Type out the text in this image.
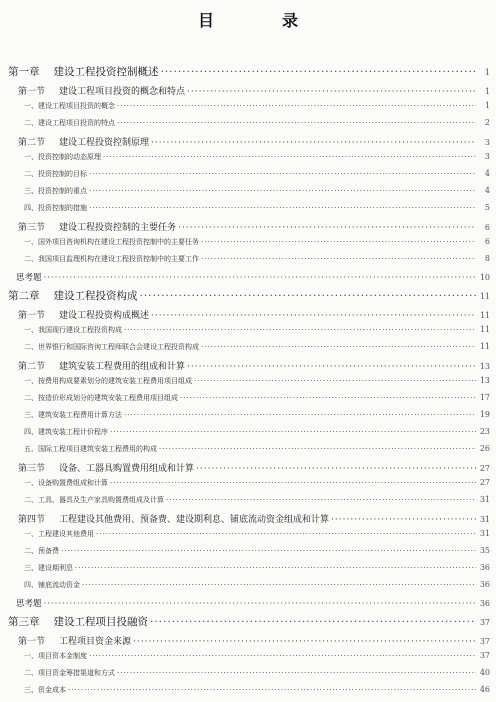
目　录
第一章 建设工程投资控制概述 ·····	1
第一节 建设工程项目投资的概念和特点 ·····	1
一、建设工程项目投资的概念 ·····	1
二、建设工程项目投资的特点 ·····	2
第二节 建设工程投资控制原理 ·····	3
一、投资控制的动态原理 ·····	3
二、投资控制的目标 ·····	4
三、投资控制的重点 ·····	4
四、投资控制的措施 ·····	5
第三节 建设工程投资控制的主要任务 ·····	6
一、国外项目咨询机构在建设工程投资控制中的主要任务 ·····	6
二、我国项目监理机构在建设工程投资控制中的主要工作 ·····	8
思考题 ·····	10
第二章 建设工程投资构成 ·····	11
第一节 建设工程投资构成概述 ·····	11
一、我国现行建设工程投资构成 ·····	11
二、世界银行和国际咨询工程师联合会建设工程投资构成 ·····	11
第二节 建筑安装工程费用的组成和计算 ·····	13
一、按费用构成要素划分的建筑安装工程费用项目组成 ·····	13
二、按造价形成划分的建筑安装工程费用项目组成 ·····	17
三、建筑安装工程费用计算方法 ·····	19
四、建筑安装工程计价程序 ·····	23
五、国际工程项目建筑安装工程费用的构成 ·····	26
第三节 设备、工器具购置费用组成和计算 ·····	27
一、设备购置费组成和计算 ·····	27
二、工具、器具及生产家具购置费组成及计算 ·····	31
第四节 工程建设其他费用、预备费、建设期利息、铺底流动资金组成和计算 ·····	31
一、工程建设其他费用 ·····	31
二、预备费 ·····	35
三、建设期利息 ·····	36
四、铺底流动资金 ·····	36
思考题 ·····	36
第三章 建设工程项目投融资 ·····	37
第一节 工程项目资金来源 ·····	37
一、项目资本金制度 ·····	37
二、项目资金筹措渠道和方式 ·····	40
三、资金成本 ·····	46
